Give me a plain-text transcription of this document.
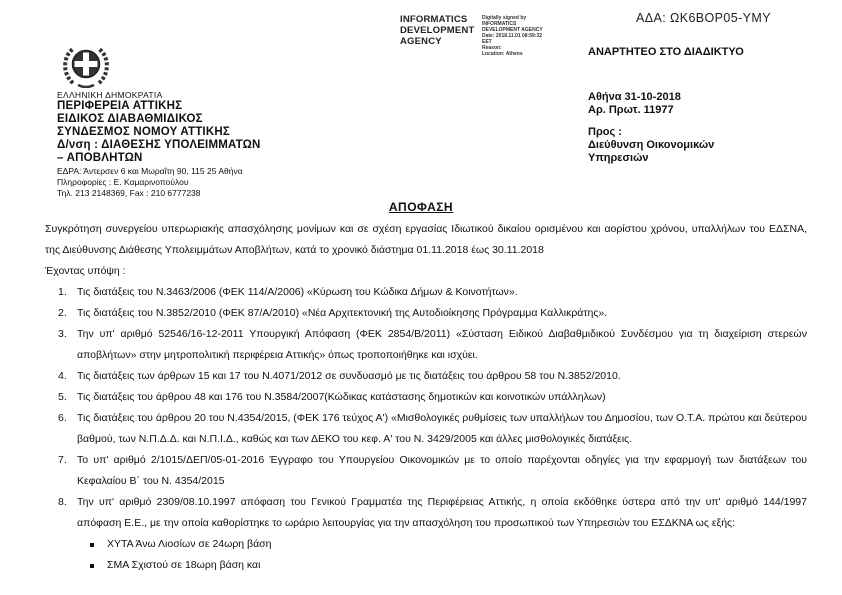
ΑΔΑ: ΩΚ6ΒΟΡ05-ΥΜΥ
INFORMATICS DEVELOPMENT AGENCY
Digitally signed by
INFORMATICS
DEVELOPMENT AGENCY
Date: 2018.11.01 08:59:32
EET
Reason:
Location: Athens
ΕΛΛΗΝΙΚΗ ΔΗΜΟΚΡΑΤΙΑ
ΠΕΡΙΦΕΡΕΙΑ ΑΤΤΙΚΗΣ
ΕΙΔΙΚΟΣ ΔΙΑΒΑΘΜΙΔΙΚΟΣ
ΣΥΝΔΕΣΜΟΣ ΝΟΜΟΥ ΑΤΤΙΚΗΣ
Δ/νση : ΔΙΑΘΕΣΗΣ ΥΠΟΛΕΙΜΜΑΤΩΝ
– ΑΠΟΒΛΗΤΩΝ
ΕΔΡΑ: Άντερσεν 6 και Μωραΐτη 90, 115 25 Αθήνα
Πληροφορίες : Ε. Καμαρινοπούλου
Τηλ. 213 2148369, Fax : 210 6777238
ΑΝΑΡΤΗΤΕΟ ΣΤΟ ΔΙΑΔΙΚΤΥΟ
Αθήνα 31-10-2018
Αρ. Πρωτ. 11977
Προς :
Διεύθυνση Οικονομικών
Υπηρεσιών
ΑΠΟΦΑΣΗ

Συγκρότηση συνεργείου υπερωριακής απασχόλησης μονίμων και σε σχέση εργασίας Ιδιωτικού δικαίου ορισμένου και αορίστου χρόνου, υπαλλήλων του ΕΔΣΝΑ, της Διεύθυνσης Διάθεσης Υπολειμμάτων Αποβλήτων, κατά το χρονικό διάστημα 01.11.2018 έως 30.11.2018

Έχοντας υπόψη :

1. Τις διατάξεις του Ν.3463/2006 (ΦΕΚ 114/Α/2006) «Κύρωση του Κώδικα Δήμων & Κοινοτήτων».
2. Τις διατάξεις του Ν.3852/2010 (ΦΕΚ 87/Α/2010) «Νέα Αρχιτεκτονική της Αυτοδιοίκησης Πρόγραμμα Καλλικράτης».
3. Την υπ' αριθμό 52546/16-12-2011 Υπουργική Απόφαση (ΦΕΚ 2854/Β/2011) «Σύσταση Ειδικού Διαβαθμιδικού Συνδέσμου για τη διαχείριση στερεών αποβλήτων» στην μητροπολιτική περιφέρεια Αττικής» όπως τροποποιήθηκε και ισχύει.
4. Τις διατάξεις των άρθρων 15 και 17 του Ν.4071/2012 σε συνδυασμό με τις διατάξεις του άρθρου 58 του Ν.3852/2010.
5. Τις διατάξεις του άρθρου 48 και 176 του Ν.3584/2007(Κώδικας κατάστασης δημοτικών και κοινοτικών υπάλληλων)
6. Τις διατάξεις του άρθρου 20 του Ν.4354/2015, (ΦΕΚ 176 τεύχος Α') «Μισθολογικές ρυθμίσεις των υπαλλήλων του Δημοσίου, των Ο.Τ.Α. πρώτου και δεύτερου βαθμού, των Ν.Π.Δ.Δ. και Ν.Π.Ι.Δ., καθώς και των ΔΕΚΟ του κεφ. Α' του Ν. 3429/2005 και άλλες μισθολογικές διατάξεις.
7. Το υπ' αριθμό 2/1015/ΔΕΠ/05-01-2016 Έγγραφο του Υπουργείου Οικονομικών με το οποίο παρέχονται οδηγίες για την εφαρμογή των διατάξεων του Κεφαλαίου Β΄ του Ν. 4354/2015
8. Την υπ' αριθμό 2309/08.10.1997 απόφαση του Γενικού Γραμματέα της Περιφέρειας Αττικής, η οποία εκδόθηκε ύστερα από την υπ' αριθμό 144/1997 απόφαση Ε.Ε., με την οποία καθορίστηκε το ωράριο λειτουργίας για την απασχόληση του προσωπικού των Υπηρεσιών του ΕΣΔΚΝΑ ως εξής:
ΧΥΤΑ Άνω Λιοσίων σε 24ωρη βάση
ΣΜΑ Σχιστού σε 18ωρη βάση και
